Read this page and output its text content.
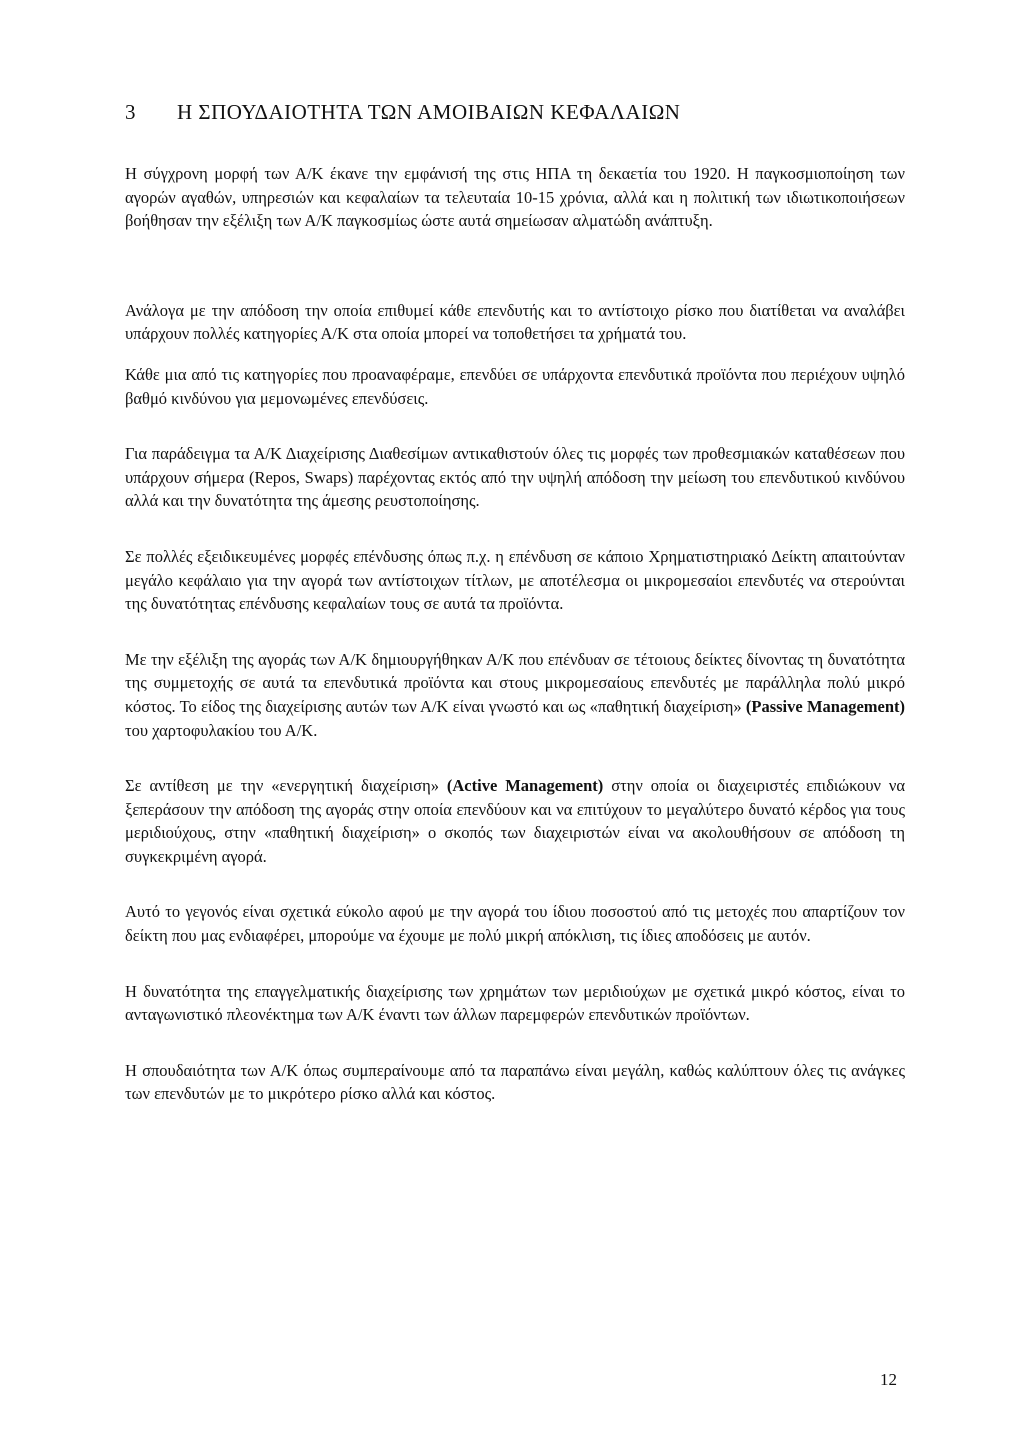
3 Η ΣΠΟΥΔΑΙΟΤΗΤΑ ΤΩΝ ΑΜΟΙΒΑΙΩΝ ΚΕΦΑΛΑΙΩΝ

Η σύγχρονη μορφή των Α/Κ έκανε την εμφάνισή της στις ΗΠΑ τη δεκαετία του 1920. Η παγκοσμιοποίηση των αγορών αγαθών, υπηρεσιών και κεφαλαίων τα τελευταία 10-15 χρόνια, αλλά και η πολιτική των ιδιωτικοποιήσεων βοήθησαν την εξέλιξη των Α/Κ παγκοσμίως ώστε αυτά σημείωσαν αλματώδη ανάπτυξη.

Ανάλογα με την απόδοση την οποία επιθυμεί κάθε επενδυτής και το αντίστοιχο ρίσκο που διατίθεται να αναλάβει υπάρχουν πολλές κατηγορίες Α/Κ στα οποία μπορεί να τοποθετήσει τα χρήματά του.

Κάθε μια από τις κατηγορίες που προαναφέραμε, επενδύει σε υπάρχοντα επενδυτικά προϊόντα που περιέχουν υψηλό βαθμό κινδύνου για μεμονωμένες επενδύσεις.

Για παράδειγμα τα Α/Κ Διαχείρισης Διαθεσίμων αντικαθιστούν όλες τις μορφές των προθεσμιακών καταθέσεων που υπάρχουν σήμερα (Repos, Swaps) παρέχοντας εκτός από την υψηλή απόδοση την μείωση του επενδυτικού κινδύνου αλλά και την δυνατότητα της άμεσης ρευστοποίησης.

Σε πολλές εξειδικευμένες μορφές επένδυσης όπως π.χ. η επένδυση σε κάποιο Χρηματιστηριακό Δείκτη απαιτούνταν μεγάλο κεφάλαιο για την αγορά των αντίστοιχων τίτλων, με αποτέλεσμα οι μικρομεσαίοι επενδυτές να στερούνται της δυνατότητας επένδυσης κεφαλαίων τους σε αυτά τα προϊόντα.

Με την εξέλιξη της αγοράς των Α/Κ δημιουργήθηκαν Α/Κ που επένδυαν σε τέτοιους δείκτες δίνοντας τη δυνατότητα της συμμετοχής σε αυτά τα επενδυτικά προϊόντα και στους μικρομεσαίους επενδυτές με παράλληλα πολύ μικρό κόστος. Το είδος της διαχείρισης αυτών των Α/Κ είναι γνωστό και ως «παθητική διαχείριση» (Passive Management) του χαρτοφυλακίου του Α/Κ.

Σε αντίθεση με την «ενεργητική διαχείριση» (Active Management) στην οποία οι διαχειριστές επιδιώκουν να ξεπεράσουν την απόδοση της αγοράς στην οποία επενδύουν και να επιτύχουν το μεγαλύτερο δυνατό κέρδος για τους μεριδιούχους, στην «παθητική διαχείριση» ο σκοπός των διαχειριστών είναι να ακολουθήσουν σε απόδοση τη συγκεκριμένη αγορά.

Αυτό το γεγονός είναι σχετικά εύκολο αφού με την αγορά του ίδιου ποσοστού από τις μετοχές που απαρτίζουν τον δείκτη που μας ενδιαφέρει, μπορούμε να έχουμε με πολύ μικρή απόκλιση, τις ίδιες αποδόσεις με αυτόν.

Η δυνατότητα της επαγγελματικής διαχείρισης των χρημάτων των μεριδιούχων με σχετικά μικρό κόστος, είναι το ανταγωνιστικό πλεονέκτημα των Α/Κ έναντι των άλλων παρεμφερών επενδυτικών προϊόντων.

Η σπουδαιότητα των Α/Κ όπως συμπεραίνουμε από τα παραπάνω είναι μεγάλη, καθώς καλύπτουν όλες τις ανάγκες των επενδυτών με το μικρότερο ρίσκο αλλά και κόστος.

12
